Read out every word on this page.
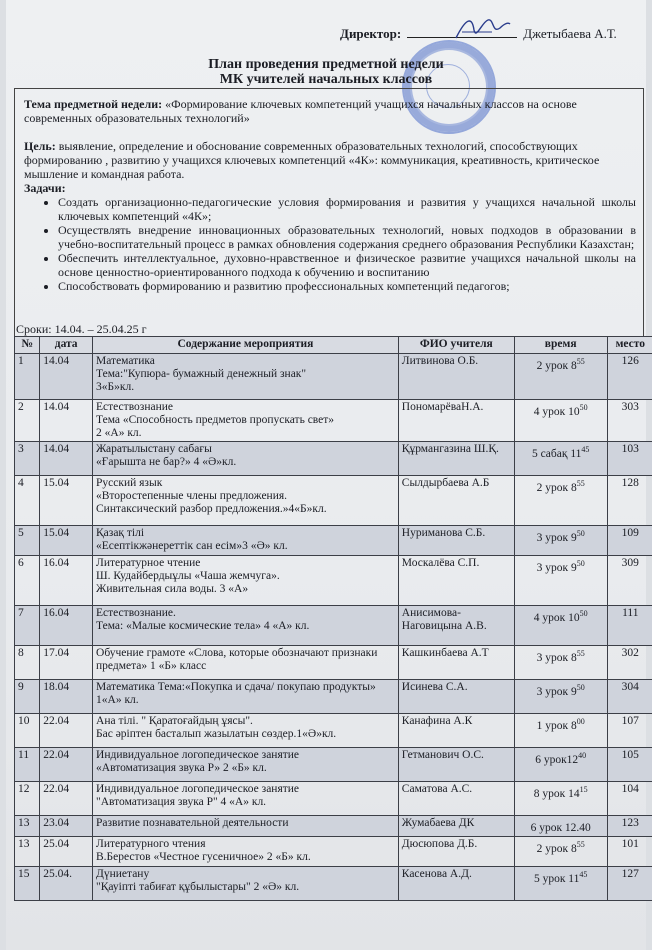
Директор:	Джетыбаева А.Т.
План проведения предметной недели
МК учителей начальных классов

Тема предметной недели: «Формирование ключевых компетенций учащихся начальных классов на основе современных образовательных технологий»

Цель: выявление, определение и обоснование современных образовательных технологий, способствующих формированию , развитию у учащихся ключевых компетенций «4К»: коммуникация, креативность, критическое мышление и командная работа.

Задачи:

• Создать организационно-педагогические условия формирования и развития у учащихся начальной школы ключевых компетенций «4К»;
• Осуществлять внедрение инновационных образовательных технологий, новых подходов в образовании в учебно-воспитательный процесс в рамках обновления содержания среднего образования Республики Казахстан;
• Обеспечить интеллектуальное, духовно-нравственное и физическое развитие учащихся начальной школы на основе ценностно-ориентированного подхода к обучению и воспитанию
• Способствовать формированию и развитию профессиональных компетенций педагогов;
Сроки: 14.04. – 25.04.25 г
№	дата	Содержание мероприятия	ФИО учителя	время	место
1	14.04	Математика
Тема:"Купюра- бумажный денежный знак"
3«Б»кл.	Литвинова О.Б.	2 урок $8^{55}$	126
2	14.04	Естествознание
Тема «Способность предметов пропускать свет»
2 «А» кл.	ПономарёваН.А.	4 урок $10^{50}$	303
3	14.04	Жаратылыстану сабағы
«Ғарышта не бар?» 4 «Ә»кл.	Құрмангазина Ш.Қ.	5 сабақ $11^{45}$	103
4	15.04	Русский язык
«Второстепенные члены предложения.
Синтаксический разбор предложения.»4«Б»кл.	Сылдырбаева А.Б	2 урок $8^{55}$	128
5	15.04	Қазақ тілі
«Есептікжәнереттік сан есім»3 «Ә» кл.	Нуриманова С.Б.	3 урок $9^{50}$	109
6	16.04	Литературное чтение
Ш. Кудайбердыұлы «Чаша жемчуга».
Живительная сила воды. 3 «А»	Москалёва С.П.	3 урок $9^{50}$	309
7	16.04	Естествознание.
Тема: «Малые космические тела» 4 «А» кл.	Анисимова-Наговицына А.В.	4 урок $10^{50}$	111
8	17.04	Обучение грамоте «Слова, которые обозначают признаки предмета» 1 «Б» класс	Кашкинбаева А.Т	3 урок $8^{55}$	302
9	18.04	Математика Тема:«Покупка и сдача/ покупаю продукты» 1«А» кл.	Исинева С.А.	3 урок $9^{50}$	304
10	22.04	Ана тілі. " Қаратоғайдың ұясы".
Бас әріптен басталып жазылатын сөздер.1«Ә»кл.	Канафина А.К	1 урок $8^{00}$	107
11	22.04	Индивидуальное логопедическое занятие
«Автоматизация звука Р» 2 «Б» кл.	Гетманович О.С.	6 $урок12^{40}$	105
12	22.04	Индивидуальное логопедическое занятие
"Автоматизация звука Р" 4 «А» кл.	Саматова А.С.	8 урок $14^{15}$	104
13	23.04	Развитие познавательной деятельности	Жумабаева ДК	6 урок 12.40	123
13	25.04	Литературного чтения
В.Берестов «Честное гусеничное» 2 «Б» кл.	Дюсюпова Д.Б.	2 урок $8^{55}$	101
15	25.04.	Дүниетану
"Қауіпті табиғат құбылыстары" 2 «Ә» кл.	Касенова А.Д.	5 урок $11^{45}$	127
